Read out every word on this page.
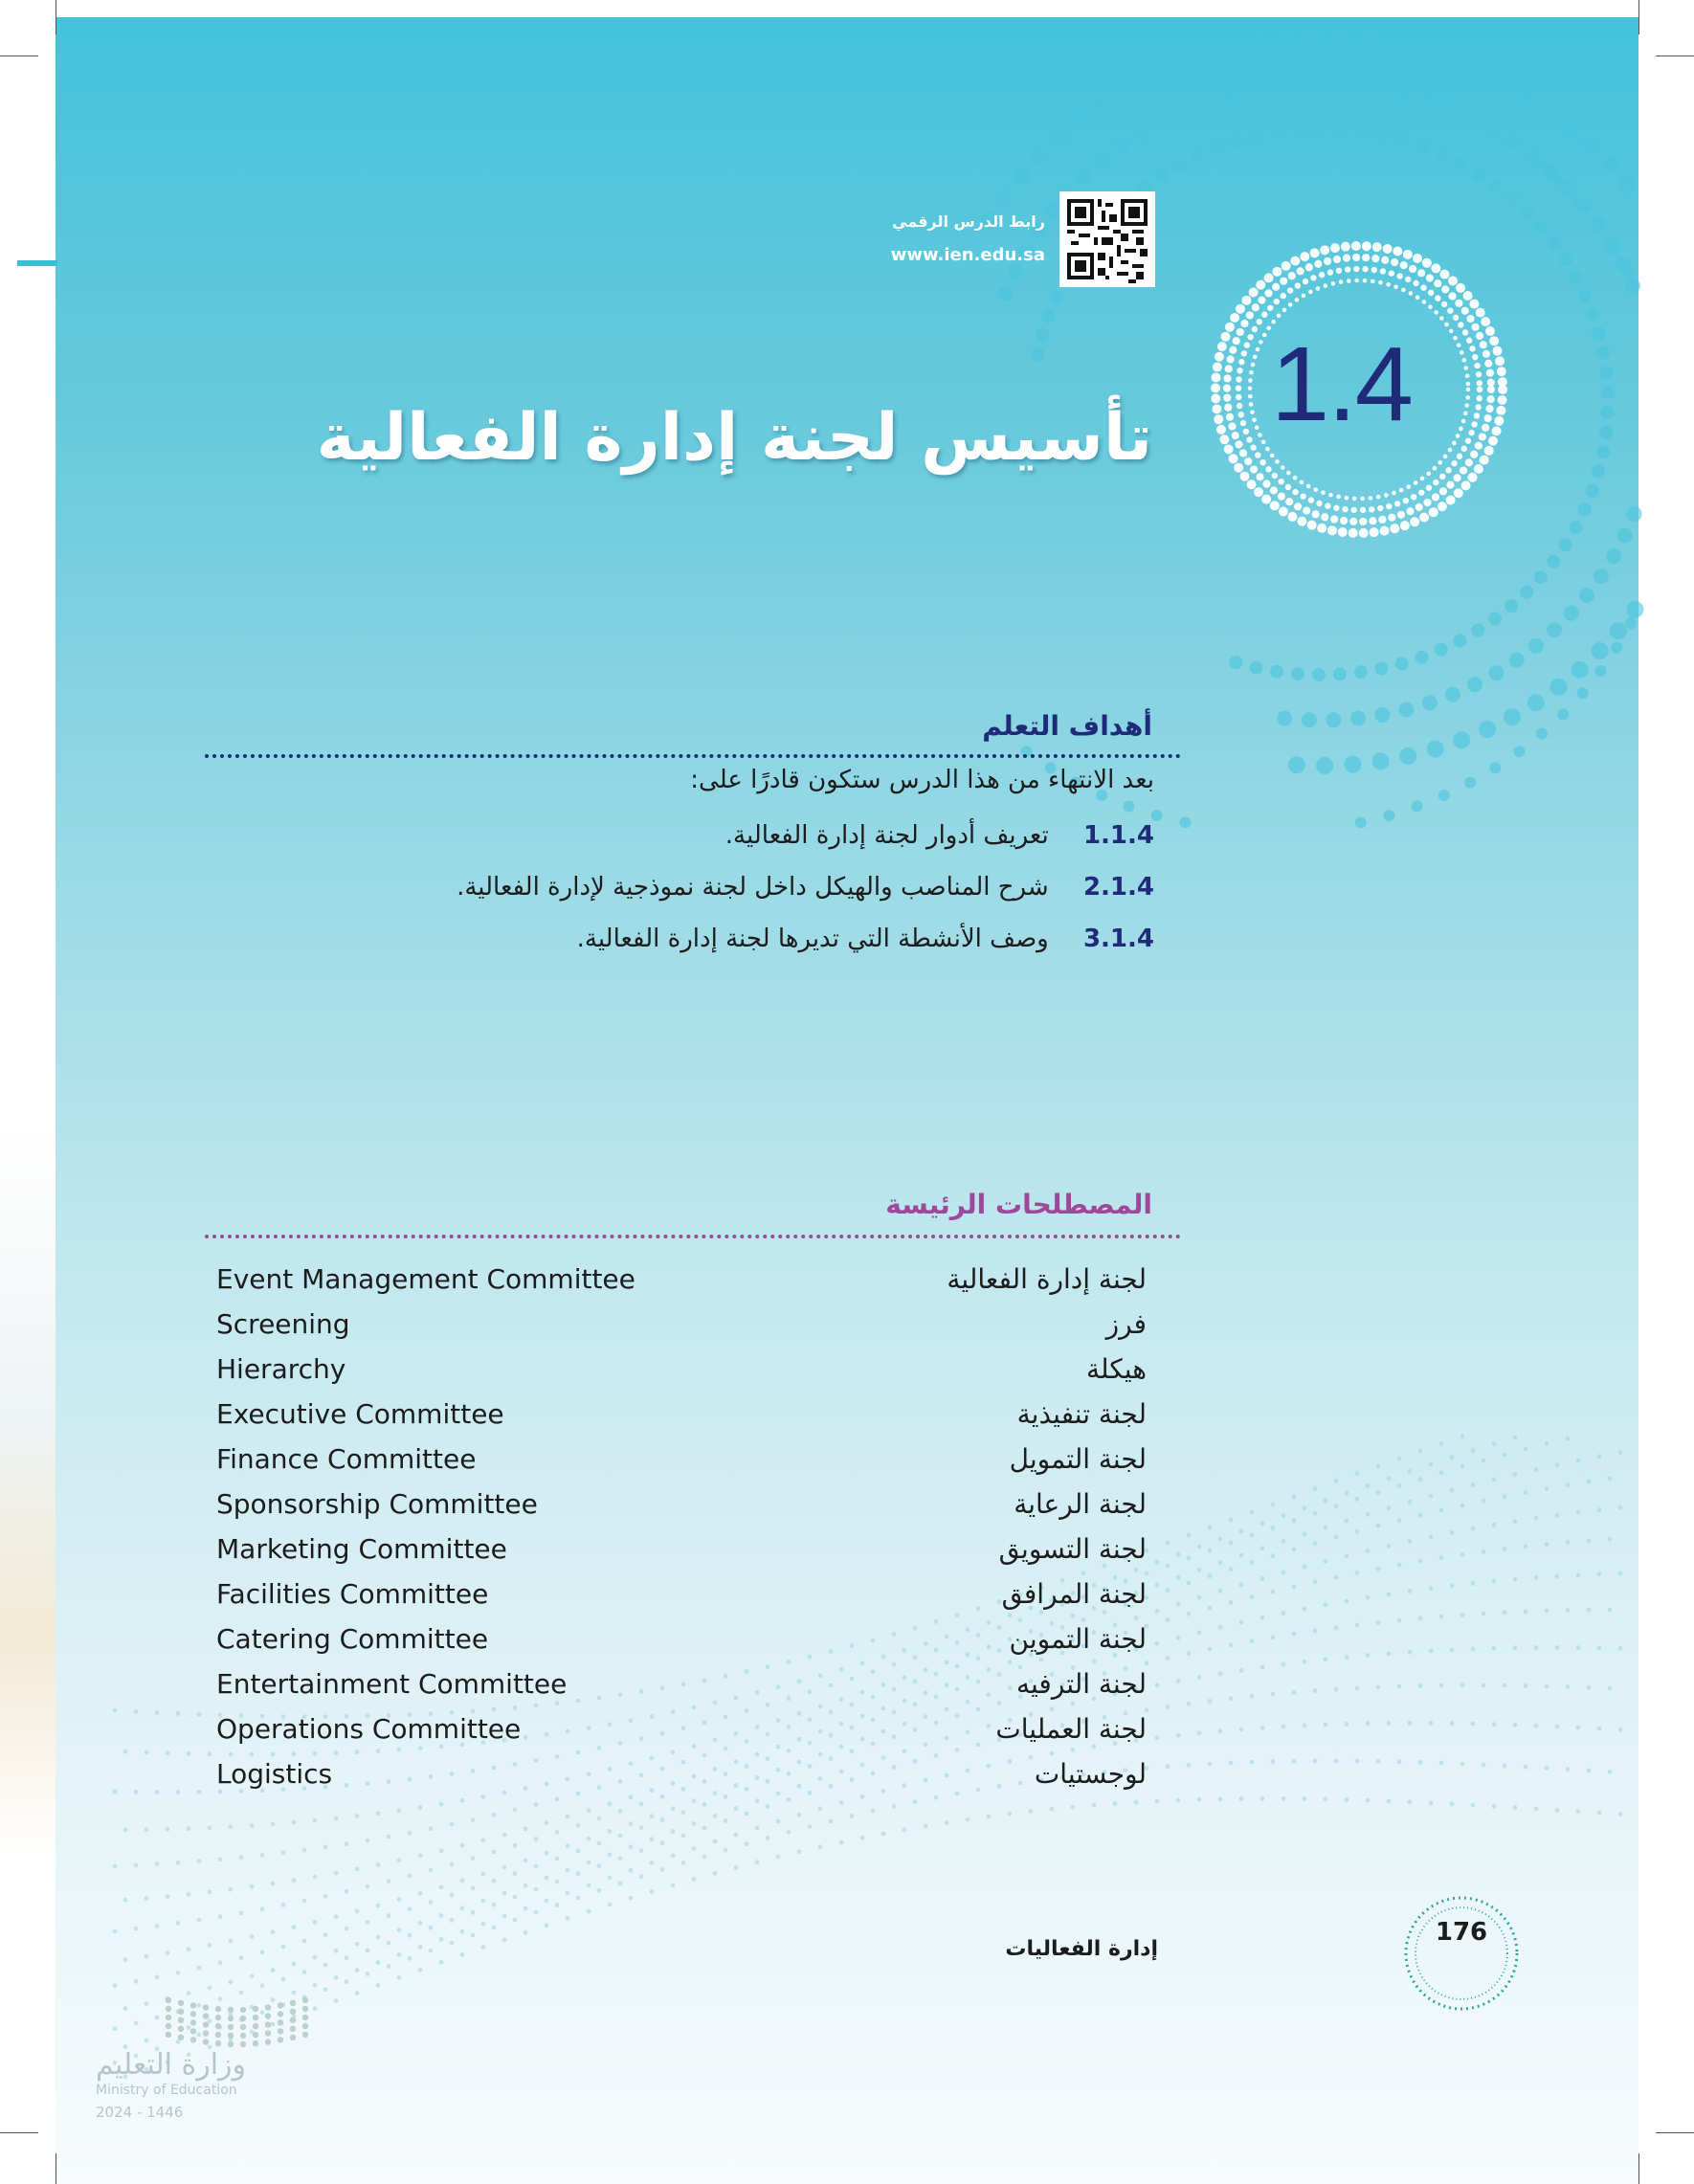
رابط الدرس الرقمي
www.ien.edu.sa
1.4
تأسيس لجنة إدارة الفعالية
أهداف التعلم
بعد الانتهاء من هذا الدرس ستكون قادرًا على:
1.1.4 تعريف أدوار لجنة إدارة الفعالية.
2.1.4 شرح المناصب والهيكل داخل لجنة نموذجية لإدارة الفعالية.
3.1.4 وصف الأنشطة التي تديرها لجنة إدارة الفعالية.
المصطلحات الرئيسة
Event Management Committee	لجنة إدارة الفعالية
Screening	فرز
Hierarchy	هيكلة
Executive Committee	لجنة تنفيذية
Finance Committee	لجنة التمويل
Sponsorship Committee	لجنة الرعاية
Marketing Committee	لجنة التسويق
Facilities Committee	لجنة المرافق
Catering Committee	لجنة التموين
Entertainment Committee	لجنة الترفيه
Operations Committee	لجنة العمليات
Logistics	لوجستيات
إدارة الفعاليات
176
وزارة التعليم
Ministry of Education
2024 - 1446
